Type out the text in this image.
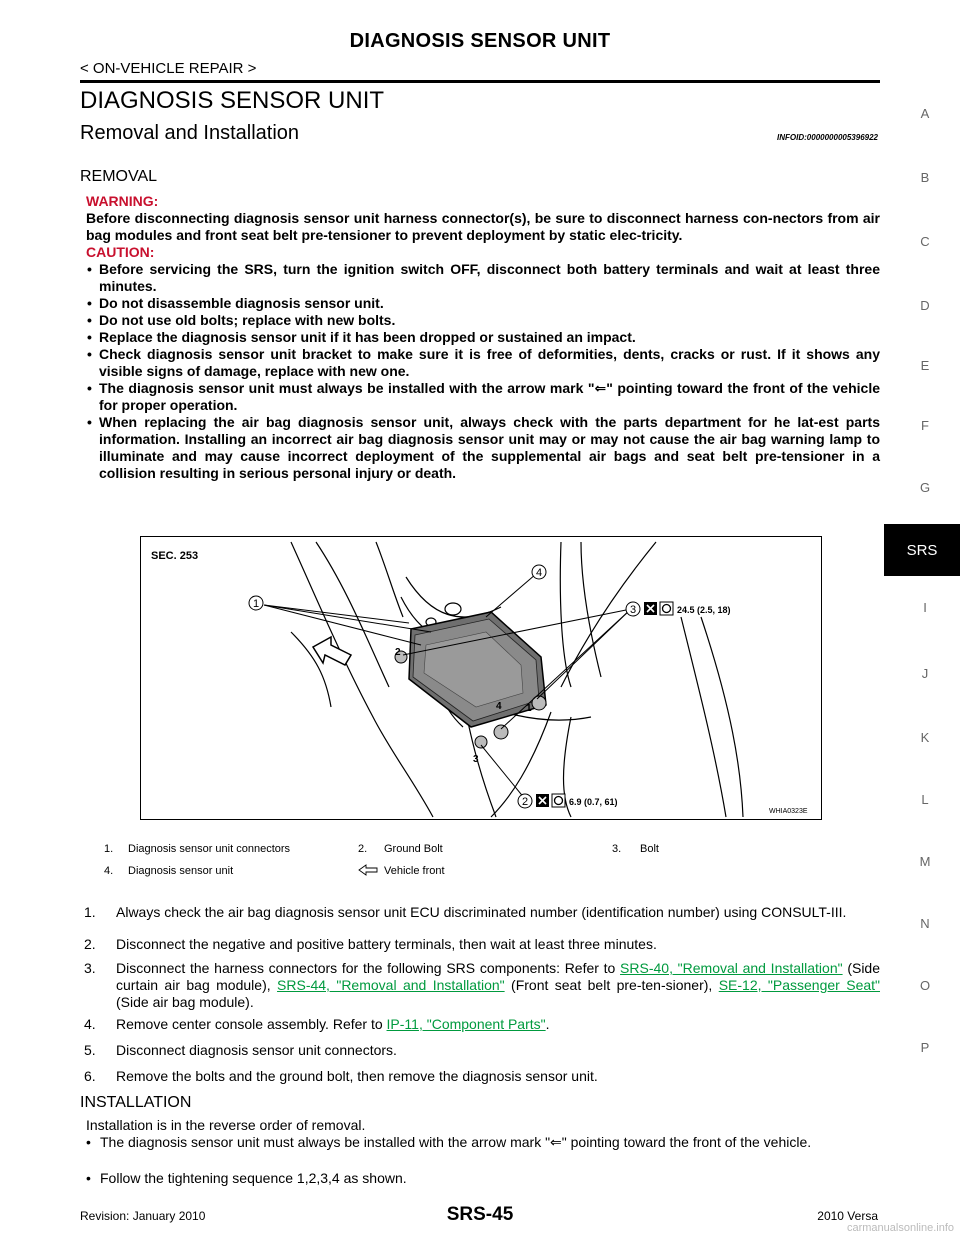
DIAGNOSIS SENSOR UNIT
< ON-VEHICLE REPAIR >
DIAGNOSIS SENSOR UNIT
Removal and Installation	INFOID:0000000005396922
REMOVAL

WARNING:

Before disconnecting diagnosis sensor unit harness connector(s), be sure to disconnect harness con-nectors from air bag modules and front seat belt pre-tensioner to prevent deployment by static elec-tricity.

CAUTION:

• Before servicing the SRS, turn the ignition switch OFF, disconnect both battery terminals and wait at least three minutes.
• Do not disassemble diagnosis sensor unit.
• Do not use old bolts; replace with new bolts.
• Replace the diagnosis sensor unit if it has been dropped or sustained an impact.
• Check diagnosis sensor unit bracket to make sure it is free of deformities, dents, cracks or rust. If it shows any visible signs of damage, replace with new one.
• The diagnosis sensor unit must always be installed with the arrow mark "⇐" pointing toward the front of the vehicle for proper operation.
• When replacing the air bag diagnosis sensor unit, always check with the parts department for he lat-est parts information. Installing an incorrect air bag diagnosis sensor unit may or may not cause the air bag warning lamp to illuminate and may cause incorrect deployment of the supplemental air bags and seat belt pre-tensioner in a collision resulting in serious personal injury or death.
A
B
C
D
E
F
G
I
J
K
L
M
N
O
P
SRS
2
1
4
3
1
4
3
2
SEC. 253
24.5 (2.5, 18)
6.9 (0.7, 61)
WHIA0323E
1. Diagnosis sensor unit connectors	2. Ground Bolt	3. Bolt
4. Diagnosis sensor unit	Vehicle front
1.	Always check the air bag diagnosis sensor unit ECU discriminated number (identification number) using CONSULT-III.
2.	Disconnect the negative and positive battery terminals, then wait at least three minutes.
3.	Disconnect the harness connectors for the following SRS components: Refer to SRS-40, "Removal and Installation" (Side curtain air bag module), SRS-44, "Removal and Installation" (Front seat belt pre-ten-sioner), SE-12, "Passenger Seat" (Side air bag module).
4.	Remove center console assembly. Refer to IP-11, "Component Parts".
5.	Disconnect diagnosis sensor unit connectors.
6.	Remove the bolts and the ground bolt, then remove the diagnosis sensor unit.
INSTALLATION
Installation is in the reverse order of removal.
• The diagnosis sensor unit must always be installed with the arrow mark "⇐" pointing toward the front of the vehicle.
• Follow the tightening sequence 1,2,3,4 as shown.
Revision: January 2010	SRS-45	2010 Versa
carmanualsonline.info
